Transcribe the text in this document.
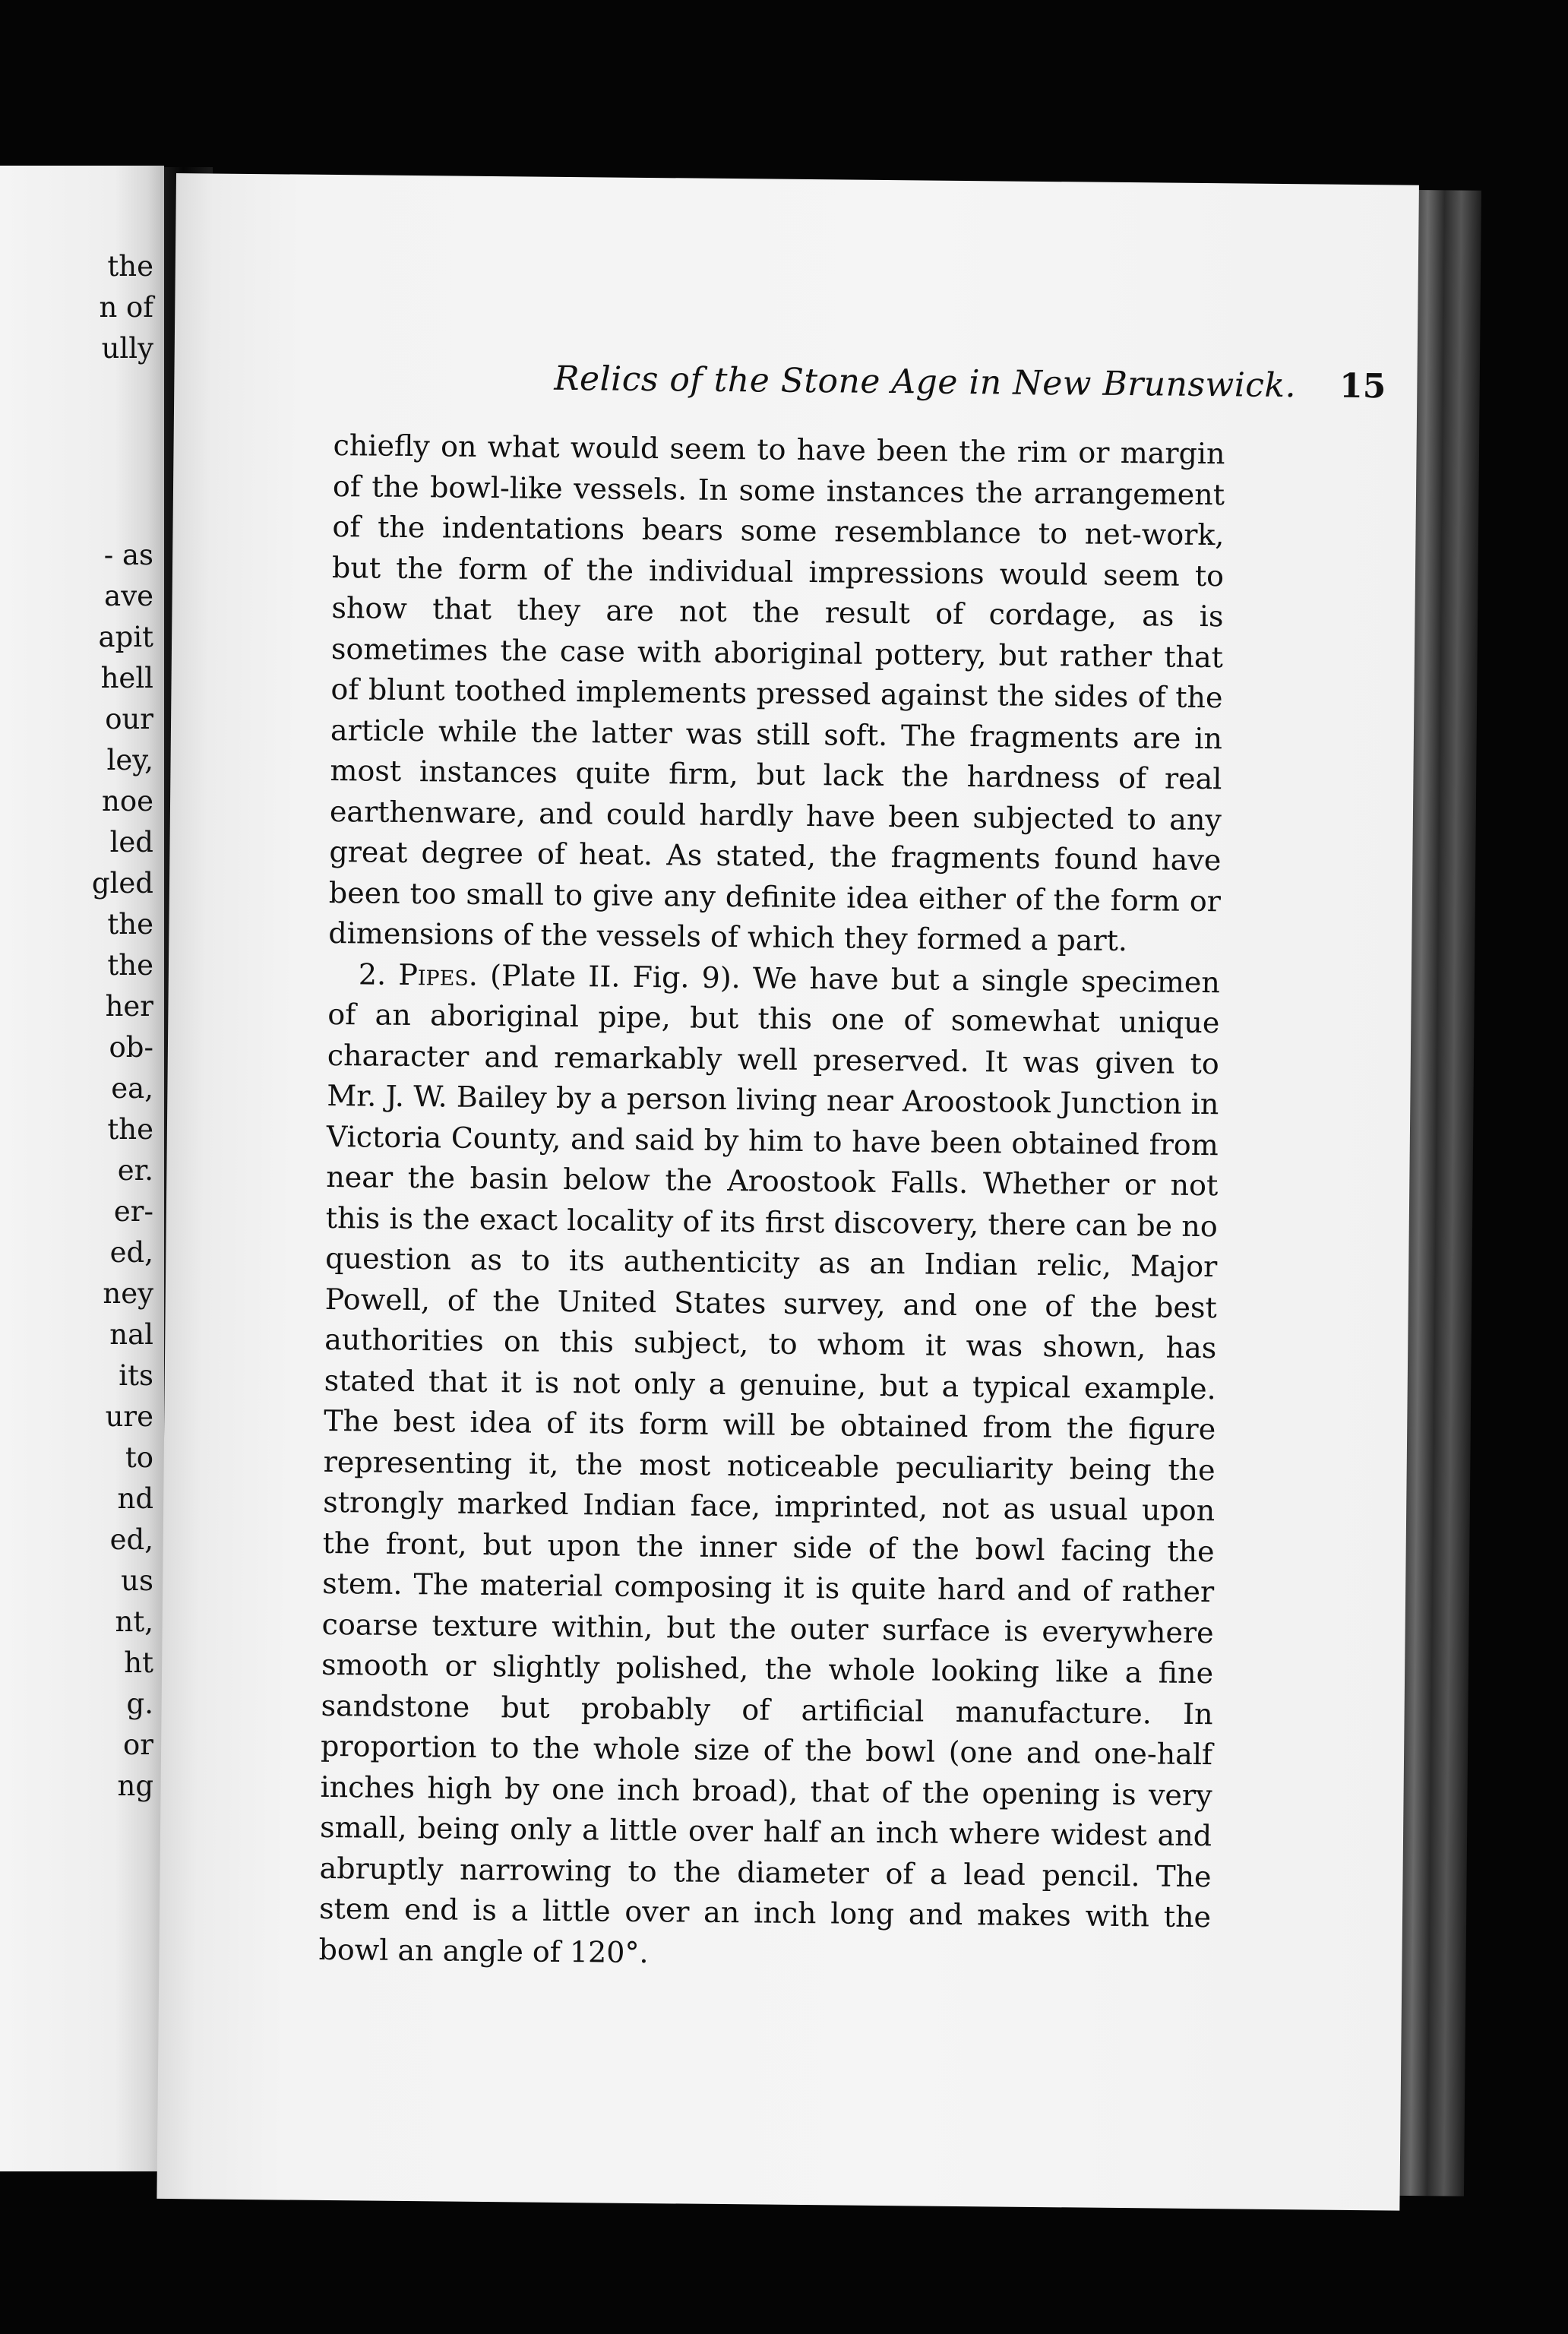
the
n of
ully
- as
ave
apit
hell
our
ley,
noe
led
gled
the
the
her
ob-
ea,
the
er.
er-
ed,
ney
nal
its
ure
to
nd
ed,
us
nt,
ht
g.
or
ng
Relics of the Stone Age in New Brunswick. 15

chiefly on what would seem to have been the rim or margin of the bowl-like vessels. In some instances the arrangement of the indentations bears some resemblance to net-work, but the form of the individual impressions would seem to show that they are not the result of cordage, as is sometimes the case with aboriginal pottery, but rather that of blunt toothed implements pressed against the sides of the article while the latter was still soft. The fragments are in most instances quite firm, but lack the hardness of real earthenware, and could hardly have been subjected to any great degree of heat. As stated, the fragments found have been too small to give any definite idea either of the form or dimensions of the vessels of which they formed a part.

2. Pipes. (Plate II. Fig. 9). We have but a single specimen of an aboriginal pipe, but this one of somewhat unique character and remarkably well preserved. It was given to Mr. J. W. Bailey by a person living near Aroostook Junction in Victoria County, and said by him to have been obtained from near the basin below the Aroostook Falls. Whether or not this is the exact locality of its first discovery, there can be no question as to its authenticity as an Indian relic, Major Powell, of the United States survey, and one of the best authorities on this subject, to whom it was shown, has stated that it is not only a genuine, but a typical example. The best idea of its form will be obtained from the figure representing it, the most noticeable peculiarity being the strongly marked Indian face, imprinted, not as usual upon the front, but upon the inner side of the bowl facing the stem. The material composing it is quite hard and of rather coarse texture within, but the outer surface is everywhere smooth or slightly polished, the whole looking like a fine sandstone but probably of artificial manufacture. In proportion to the whole size of the bowl (one and one-half inches high by one inch broad), that of the opening is very small, being only a little over half an inch where widest and abruptly narrowing to the diameter of a lead pencil. The stem end is a little over an inch long and makes with the bowl an angle of 120°.
